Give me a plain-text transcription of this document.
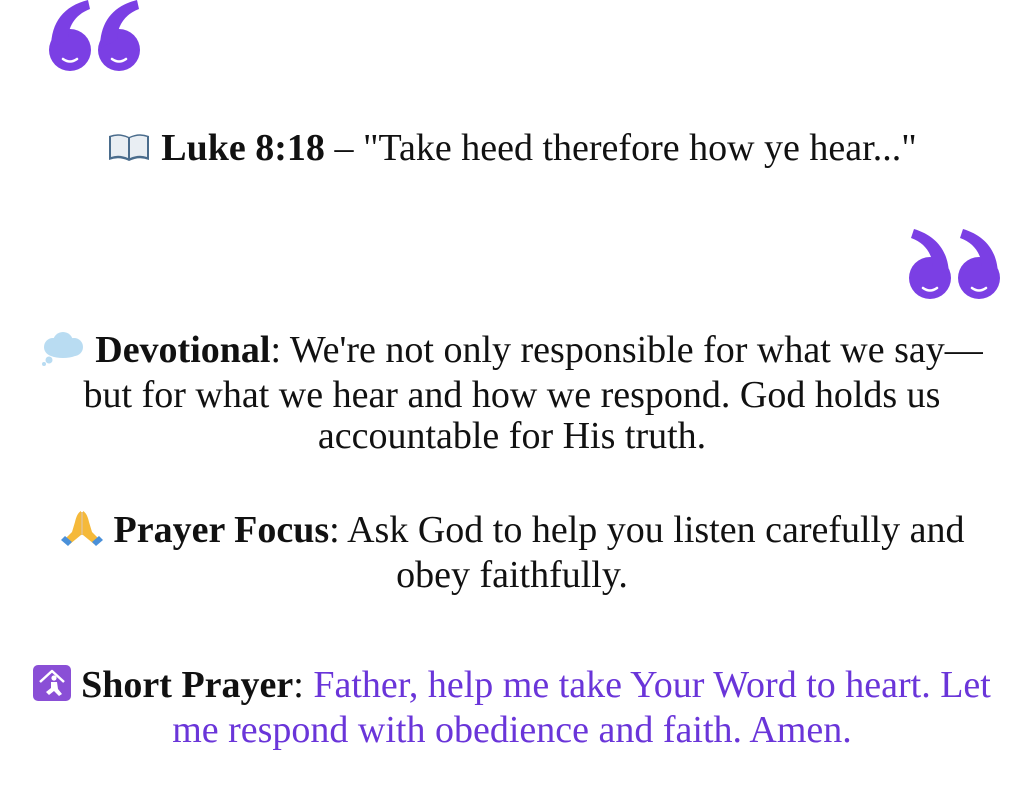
Luke 8:18 – "Take heed therefore how ye hear..."
Devotional: We're not only responsible for what we say—but for what we hear and how we respond. God holds us accountable for His truth.
Prayer Focus: Ask God to help you listen carefully and obey faithfully.
Short Prayer: Father, help me take Your Word to heart. Let me respond with obedience and faith. Amen.
